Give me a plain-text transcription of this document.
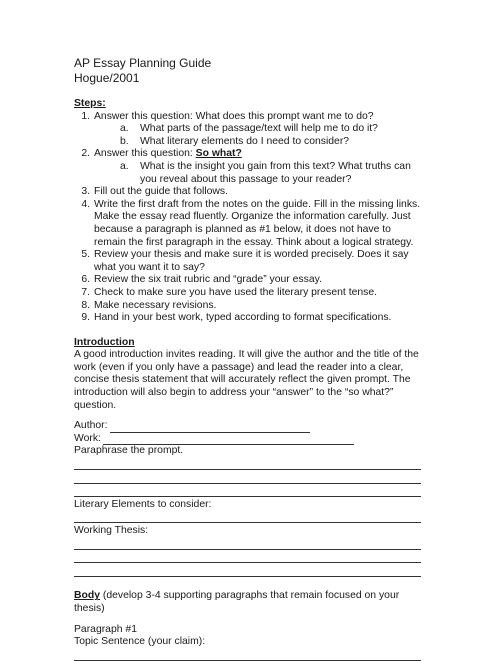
AP Essay Planning Guide
Hogue/2001
Steps:
1. Answer this question: What does this prompt want me to do?
a.	What parts of the passage/text will help me to do it?
b.	What literary elements do I need to consider?
2. Answer this question: So what?
a.	What is the insight you gain from this text? What truths can you reveal about this passage to your reader?
3. Fill out the guide that follows.
4. Write the first draft from the notes on the guide. Fill in the missing links. Make the essay read fluently. Organize the information carefully. Just because a paragraph is planned as #1 below, it does not have to remain the first paragraph in the essay. Think about a logical strategy.
5. Review your thesis and make sure it is worded precisely. Does it say what you want it to say?
6. Review the six trait rubric and “grade” your essay.
7. Check to make sure you have used the literary present tense.
8. Make necessary revisions.
9. Hand in your best work, typed according to format specifications.
Introduction

A good introduction invites reading. It will give the author and the title of the work (even if you only have a passage) and lead the reader into a clear, concise thesis statement that will accurately reflect the given prompt. The introduction will also begin to address your “answer” to the “so what?” question.

Author:
Work:
Paraphrase the prompt.
Literary Elements to consider:
Working Thesis:
Body (develop 3-4 supporting paragraphs that remain focused on your thesis)
Paragraph #1
Topic Sentence (your claim):
